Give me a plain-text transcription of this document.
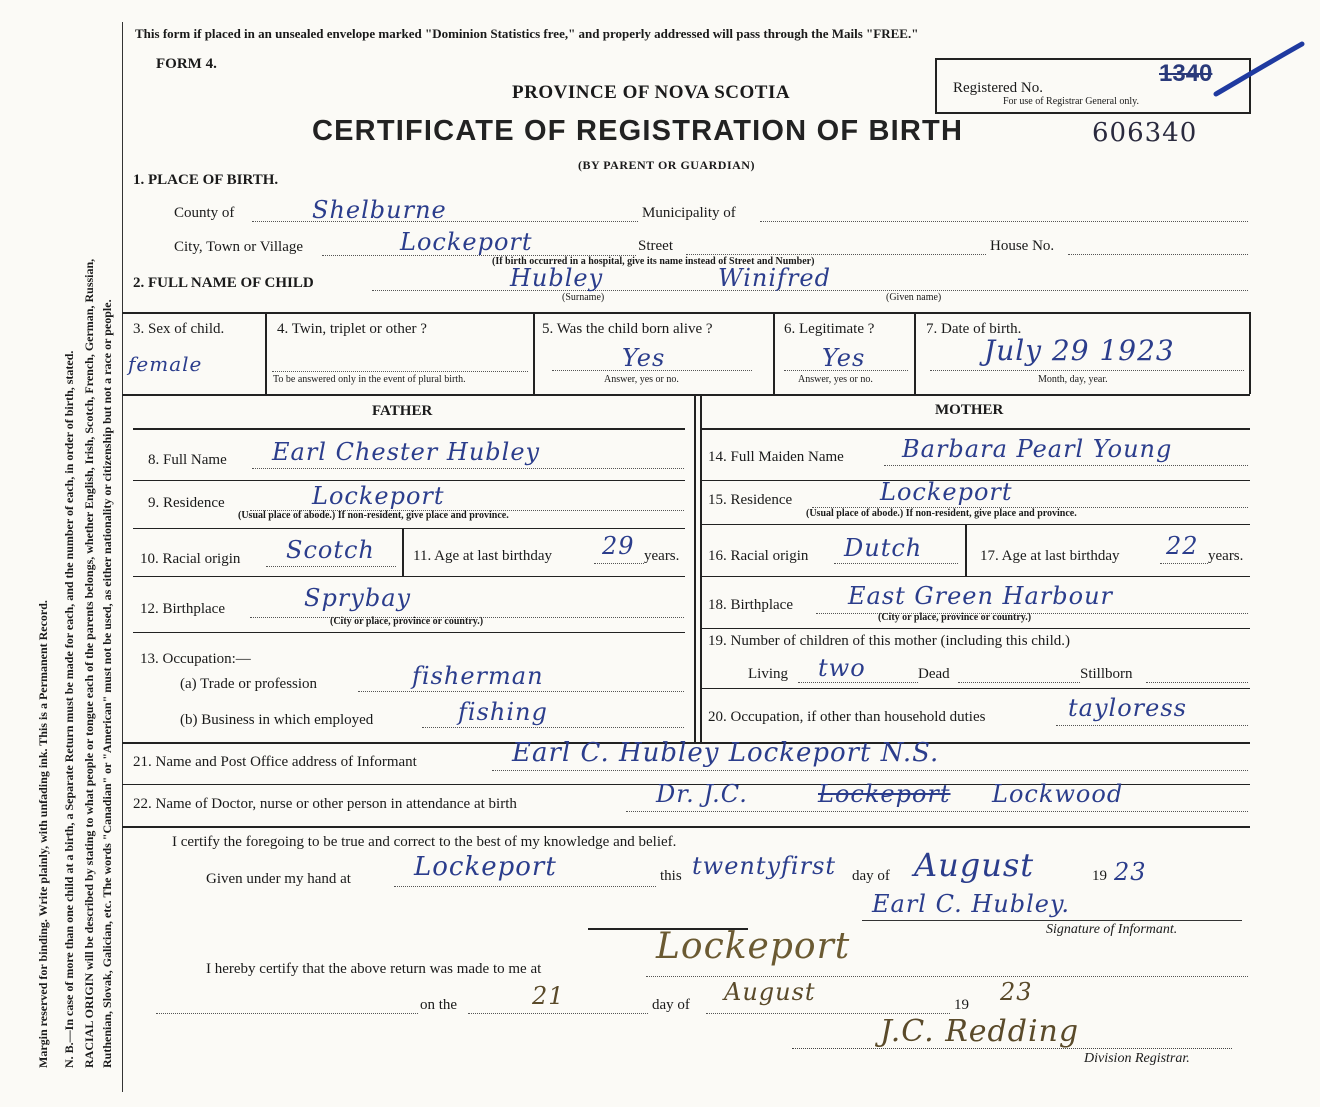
Margin reserved for binding. Write plainly, with unfading ink. This is a Permanent Record. N. B.—In case of more than one child at a birth, a Separate Return must be made for each, and the number of each, in order of birth, stated. RACIAL ORIGIN will be described by stating to what people or tongue each of the parents belongs, whether English, Irish, Scotch, French, German, Russian, Ruthenian, Slovak, Galician, etc. The words "Canadian" or "American" must not be used, as either nationality or citizenship but not a race or people.
This form if placed in an unsealed envelope marked "Dominion Statistics free," and properly addressed will pass through the Mails "FREE."
FORM 4.
PROVINCE OF NOVA SCOTIA	Registered No.
For use of Registrar General only.
1340
CERTIFICATE OF REGISTRATION OF BIRTH	606340
(BY PARENT OR GUARDIAN)
1. PLACE OF BIRTH.
County of	Shelburne	Municipality of
City, Town or Village	Lockeport	Street	House No.
(If birth occurred in a hospital, give its name instead of Street and Number)
2. FULL NAME OF CHILD	Hubley	Winifred
(Surname)	(Given name)
3. Sex of child.
female
4. Twin, triplet or other ?
To be answered only in the event of plural birth.
5. Was the child born alive ?
Yes
Answer, yes or no.
6. Legitimate ?
Yes
Answer, yes or no.
7. Date of birth.
July 29 1923
Month, day, year.
FATHER	MOTHER
8. Full Name Earl Chester Hubley
9. Residence	Lockeport
(Usual place of abode.) If non-resident, give place and province.
10. Racial origin Scotch	11. Age at last birthday 29 years.
12. Birthplace	Sprybay
(City or place, province or country.)
13. Occupation:—
(a) Trade or profession	fisherman
(b) Business in which employed	fishing
14. Full Maiden Name Barbara Pearl Young
15. Residence	Lockeport
(Usual place of abode.) If non-resident, give place and province.
16. Racial origin Dutch	17. Age at last birthday 22 years.
18. Birthplace East Green Harbour
(City or place, province or country.)
19. Number of children of this mother (including this child.)
Living two	Dead	Stillborn
20. Occupation, if other than household duties	tayloress
21. Name and Post Office address of Informant	Earl C. Hubley Lockeport N.S.
22. Name of Doctor, nurse or other person in attendance at birth	Dr. J.C.	Lockeport Lockwood
I certify the foregoing to be true and correct to the best of my knowledge and belief.
Given under my hand at Lockeport	this twentyfirst day of August	19 23
Earl C. Hubley.
Signature of Informant.
I hereby certify that the above return was made to me at
Lockeport
on the	21	day of August	19 23
J.C. Redding
Division Registrar.
